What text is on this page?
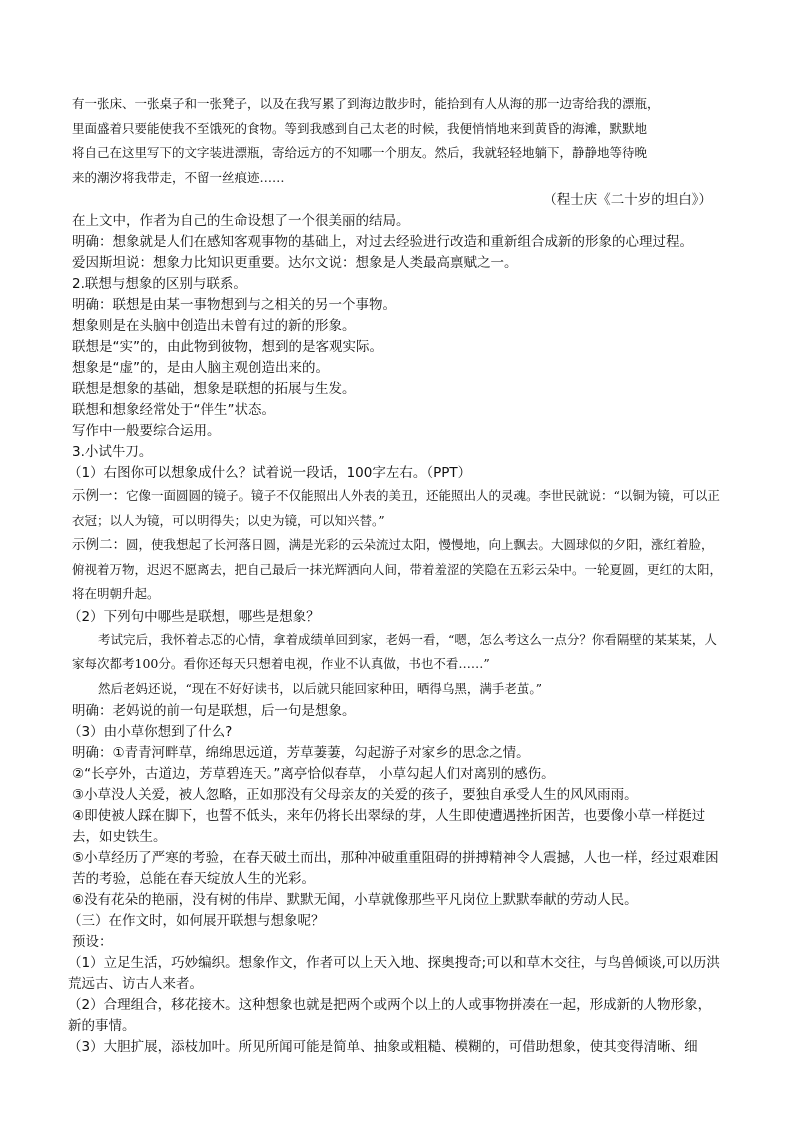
有一张床、一张桌子和一张凳子，以及在我写累了到海边散步时，能拾到有人从海的那一边寄给我的漂瓶，

里面盛着只要能使我不至饿死的食物。等到我感到自己太老的时候，我便悄悄地来到黄昏的海滩，默默地

将自己在这里写下的文字装进漂瓶，寄给远方的不知哪一个朋友。然后，我就轻轻地躺下，静静地等待晚

来的潮汐将我带走，不留一丝痕迹……

（程士庆《二十岁的坦白》）

在上文中，作者为自己的生命设想了一个很美丽的结局。

明确：想象就是人们在感知客观事物的基础上，对过去经验进行改造和重新组合成新的形象的心理过程。

爱因斯坦说：想象力比知识更重要。达尔文说：想象是人类最高禀赋之一。

2.联想与想象的区别与联系。

明确：联想是由某一事物想到与之相关的另一个事物。

想象则是在头脑中创造出未曾有过的新的形象。

联想是“实”的，由此物到彼物，想到的是客观实际。

想象是“虚”的，是由人脑主观创造出来的。

联想是想象的基础，想象是联想的拓展与生发。

联想和想象经常处于“伴生”状态。

写作中一般要综合运用。

3.小试牛刀。

（1）右图你可以想象成什么？试着说一段话，100字左右。（PPT）

示例一：它像一面圆圆的镜子。镜子不仅能照出人外表的美丑，还能照出人的灵魂。李世民就说：“以铜为镜，可以正衣冠；以人为镜，可以明得失；以史为镜，可以知兴替。”

示例二：圆，使我想起了长河落日圆，满是光彩的云朵流过太阳，慢慢地，向上飘去。大圆球似的夕阳，涨红着脸，俯视着万物，迟迟不愿离去，把自己最后一抹光辉洒向人间，带着羞涩的笑隐在五彩云朵中。一轮夏圆，更红的太阳，将在明朝升起。

（2）下列句中哪些是联想，哪些是想象？

考试完后，我怀着忐忑的心情，拿着成绩单回到家，老妈一看，“嗯，怎么考这么一点分？你看隔壁的某某某，人家每次都考100分。看你还每天只想着电视，作业不认真做，书也不看……”

然后老妈还说，“现在不好好读书，以后就只能回家种田，晒得乌黑，满手老茧。”

明确：老妈说的前一句是联想，后一句是想象。

（3）由小草你想到了什么?

明确：①青青河畔草，绵绵思远道，芳草萋萋，勾起游子对家乡的思念之情。

②“长亭外，古道边，芳草碧连天。”离亭恰似春草， 小草勾起人们对离别的感伤。

③小草没人关爱，被人忽略，正如那没有父母亲友的关爱的孩子，要独自承受人生的风风雨雨。

④即使被人踩在脚下，也誓不低头，来年仍将长出翠绿的芽，人生即使遭遇挫折困苦，也要像小草一样挺过去，如史铁生。

⑤小草经历了严寒的考验，在春天破土而出，那种冲破重重阻碍的拼搏精神令人震撼，人也一样，经过艰难困苦的考验，总能在春天绽放人生的光彩。

⑥没有花朵的艳丽，没有树的伟岸、默默无闻，小草就像那些平凡岗位上默默奉献的劳动人民。

（三）在作文时，如何展开联想与想象呢？

预设：

（1）立足生活，巧妙编织。想象作文，作者可以上天入地、探奥搜奇;可以和草木交往，与鸟兽倾谈,可以历洪荒远古、访古人来者。

（2）合理组合，移花接木。这种想象也就是把两个或两个以上的人或事物拼凑在一起，形成新的人物形象，新的事情。

（3）大胆扩展，添枝加叶。所见所闻可能是简单、抽象或粗糙、模糊的，可借助想象，使其变得清晰、细
